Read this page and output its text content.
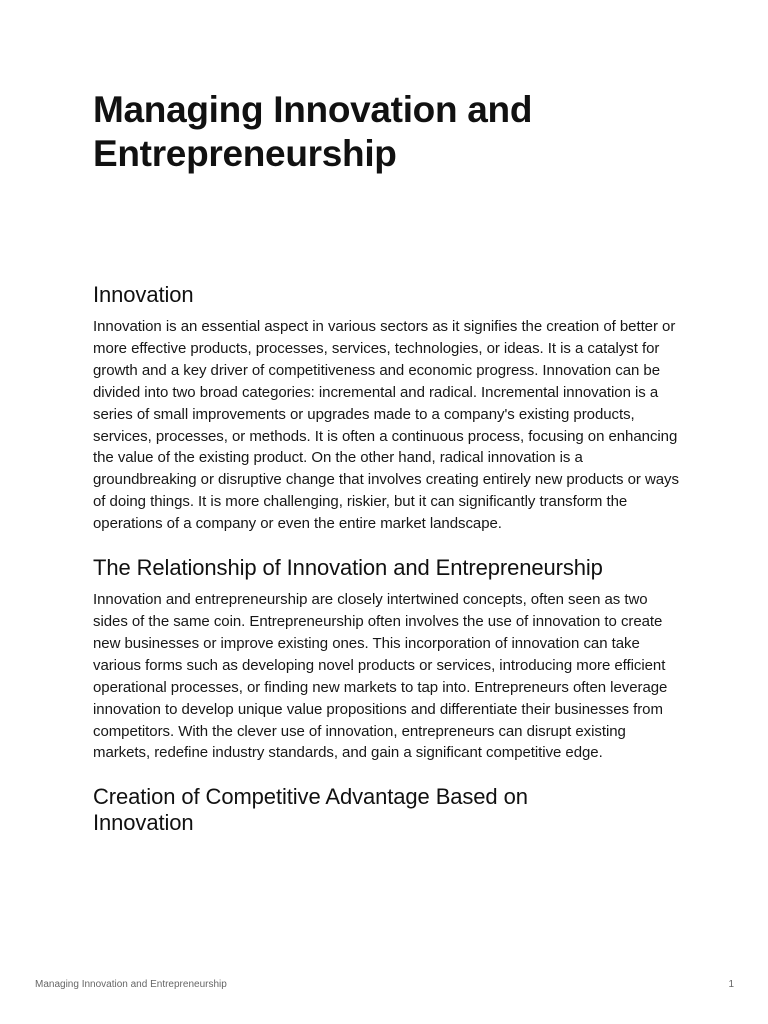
Managing Innovation and Entrepreneurship
Innovation

Innovation is an essential aspect in various sectors as it signifies the creation of better or more effective products, processes, services, technologies, or ideas. It is a catalyst for growth and a key driver of competitiveness and economic progress. Innovation can be divided into two broad categories: incremental and radical. Incremental innovation is a series of small improvements or upgrades made to a company's existing products, services, processes, or methods. It is often a continuous process, focusing on enhancing the value of the existing product. On the other hand, radical innovation is a groundbreaking or disruptive change that involves creating entirely new products or ways of doing things. It is more challenging, riskier, but it can significantly transform the operations of a company or even the entire market landscape.

The Relationship of Innovation and Entrepreneurship

Innovation and entrepreneurship are closely intertwined concepts, often seen as two sides of the same coin. Entrepreneurship often involves the use of innovation to create new businesses or improve existing ones. This incorporation of innovation can take various forms such as developing novel products or services, introducing more efficient operational processes, or finding new markets to tap into. Entrepreneurs often leverage innovation to develop unique value propositions and differentiate their businesses from competitors. With the clever use of innovation, entrepreneurs can disrupt existing markets, redefine industry standards, and gain a significant competitive edge.

Creation of Competitive Advantage Based on Innovation
Managing Innovation and Entrepreneurship	1
